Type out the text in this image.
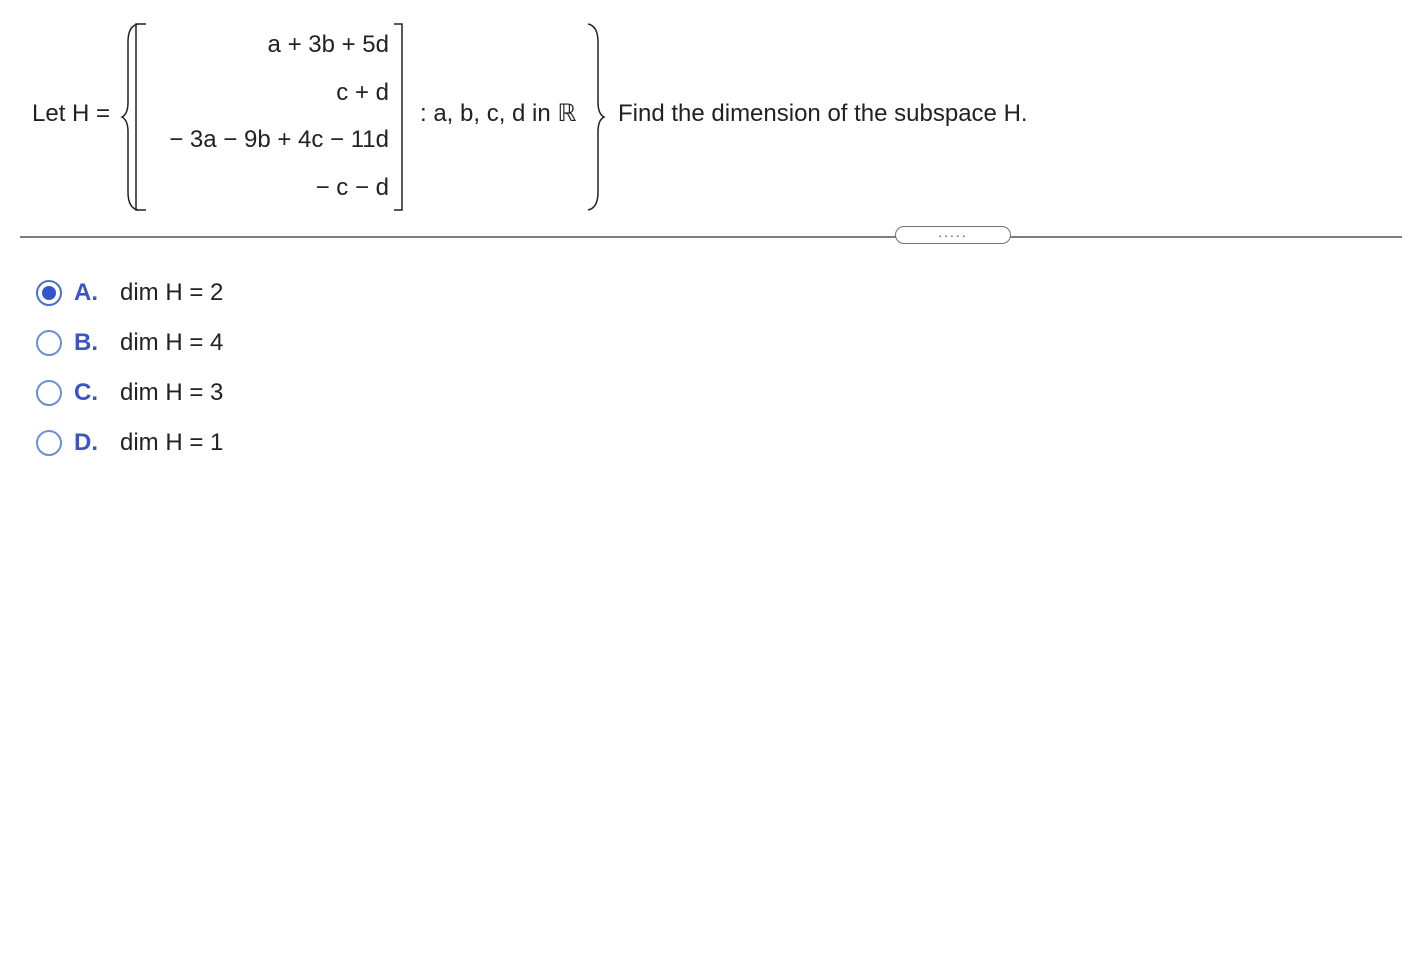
Let H =
a + 3b + 5d
c + d
− 3a − 9b + 4c − 11d
− c − d
: a, b, c, d in ℝ Find the dimension of the subspace H.
.....
A. dim H = 2
B. dim H = 4
C. dim H = 3
D. dim H = 1
